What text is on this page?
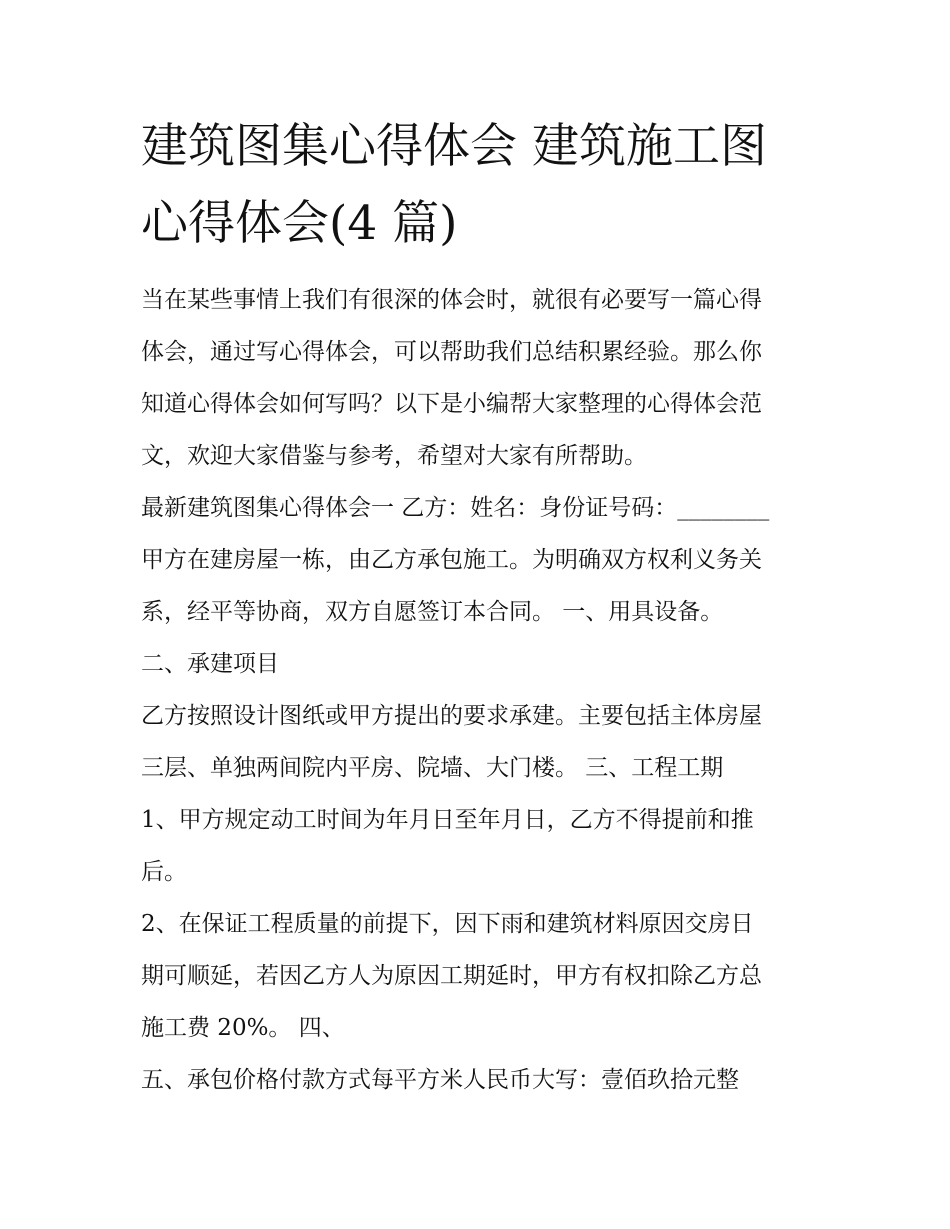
建筑图集心得体会 建筑施工图
心得体会(4 篇)
当在某些事情上我们有很深的体会时，就很有必要写一篇心得
体会，通过写心得体会，可以帮助我们总结积累经验。那么你
知道心得体会如何写吗？以下是小编帮大家整理的心得体会范
文，欢迎大家借鉴与参考，希望对大家有所帮助。
最新建筑图集心得体会一 乙方：姓名：身份证号码：________
甲方在建房屋一栋，由乙方承包施工。为明确双方权利义务关
系，经平等协商，双方自愿签订本合同。 一、用具设备。
二、承建项目
乙方按照设计图纸或甲方提出的要求承建。主要包括主体房屋
三层、单独两间院内平房、院墙、大门楼。 三、工程工期
1、甲方规定动工时间为年月日至年月日，乙方不得提前和推
后。
2、在保证工程质量的前提下，因下雨和建筑材料原因交房日
期可顺延，若因乙方人为原因工期延时，甲方有权扣除乙方总
施工费 20%。 四、
五、承包价格付款方式每平方米人民币大写：壹佰玖拾元整
